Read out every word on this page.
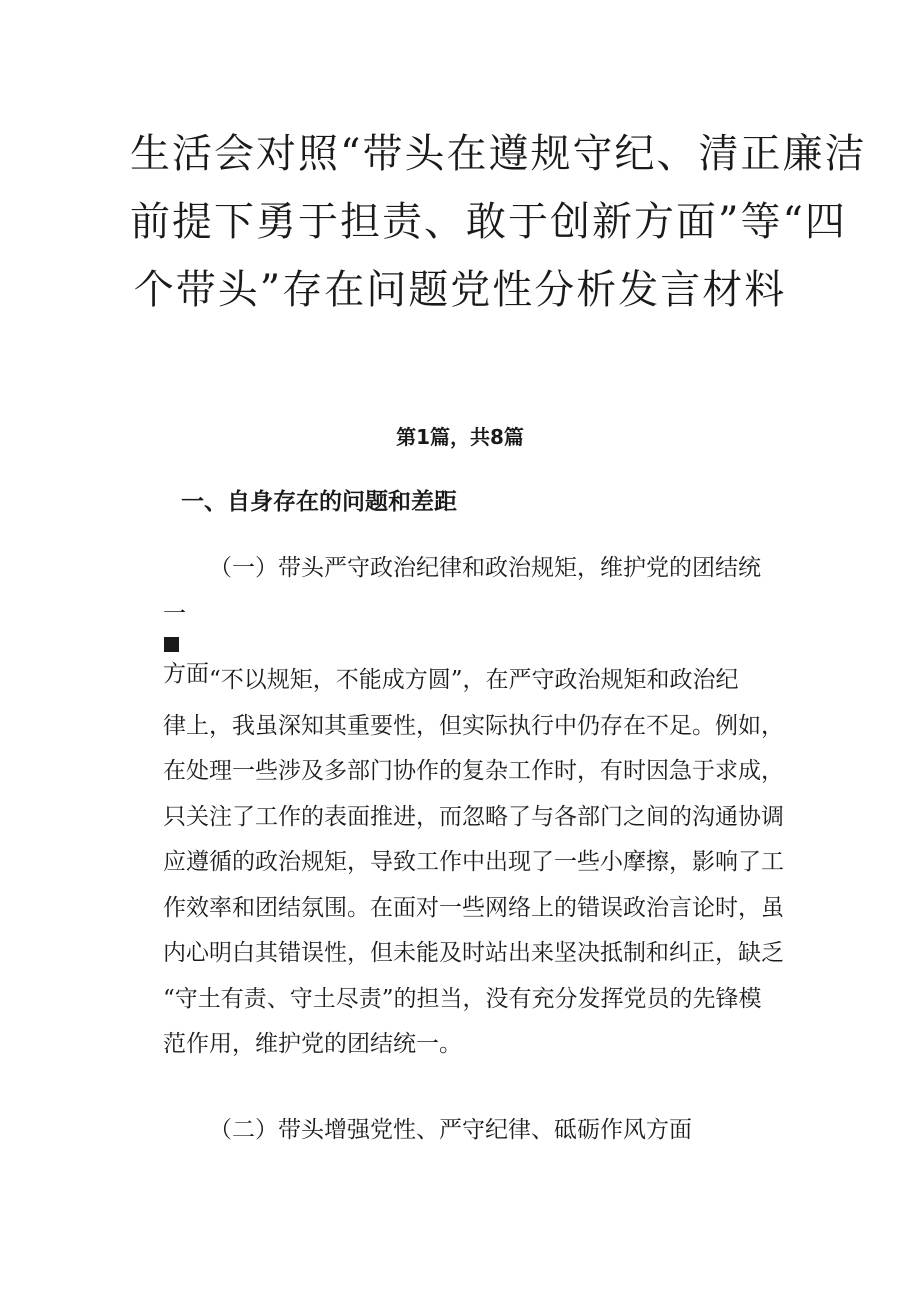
生活会对照“带头在遵规守纪、清正廉洁
前提下勇于担责、敢于创新方面”等“四
个带头”存在问题党性分析发言材料
第1篇，共8篇
一、自身存在的问题和差距

（一）带头严守政治纪律和政治规矩，维护党的团结统
一
方面 “不以规矩，不能成方圆”，在严守政治规矩和政治纪
律上，我虽深知其重要性，但实际执行中仍存在不足。例如，
在处理一些涉及多部门协作的复杂工作时，有时因急于求成，
只关注了工作的表面推进，而忽略了与各部门之间的沟通协调
应遵循的政治规矩，导致工作中出现了一些小摩擦，影响了工
作效率和团结氛围。在面对一些网络上的错误政治言论时，虽
内心明白其错误性，但未能及时站出来坚决抵制和纠正，缺乏
“守土有责、守土尽责”的担当，没有充分发挥党员的先锋模
范作用，维护党的团结统一。

（二）带头增强党性、严守纪律、砥砺作风方面
